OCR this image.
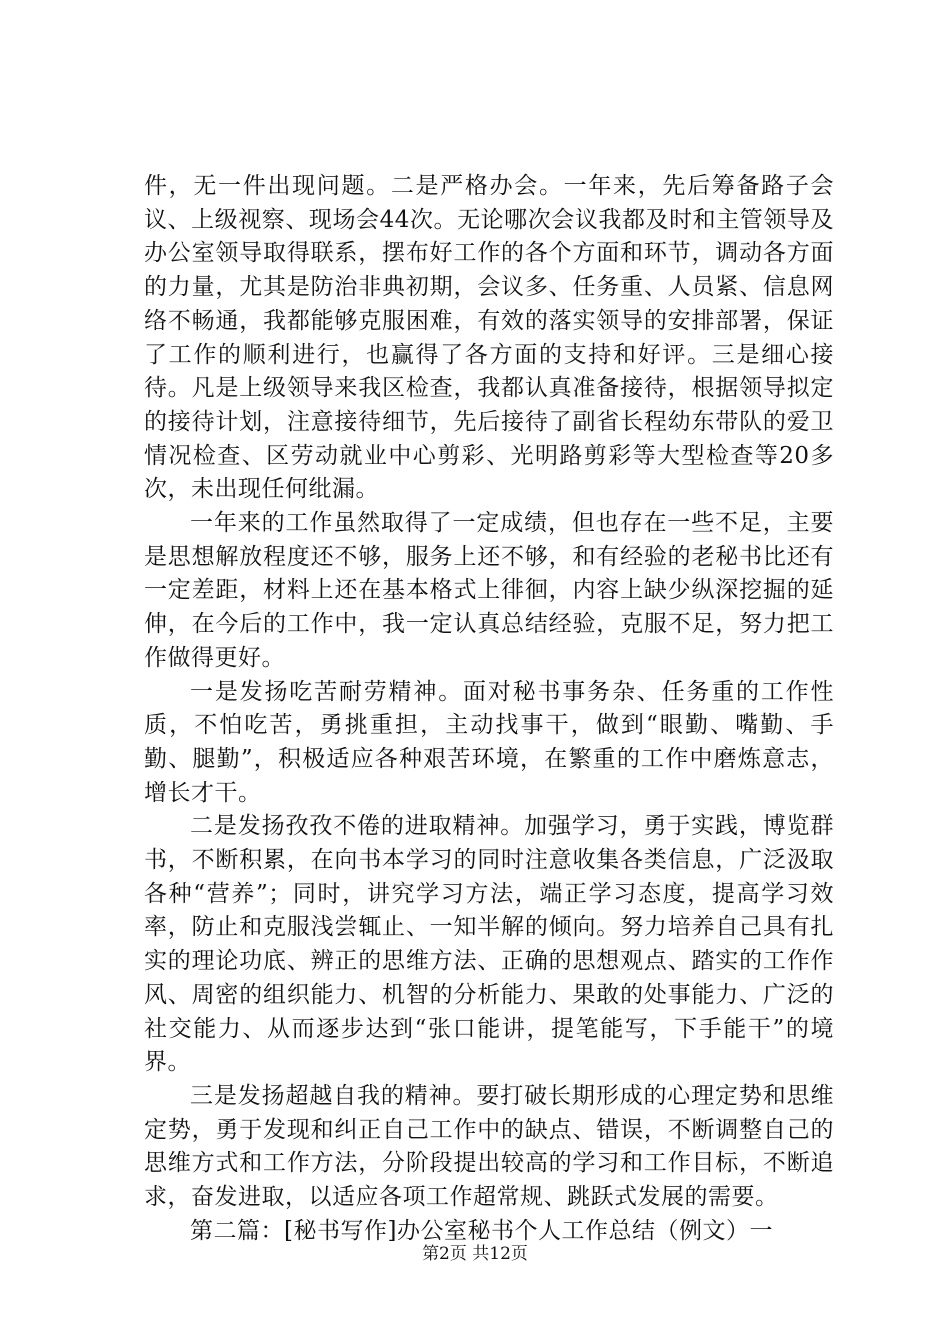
件，无一件出现问题。二是严格办会。一年来，先后筹备路子会议、上级视察、现场会44次。无论哪次会议我都及时和主管领导及办公室领导取得联系，摆布好工作的各个方面和环节，调动各方面的力量，尤其是防治非典初期，会议多、任务重、人员紧、信息网络不畅通，我都能够克服困难，有效的落实领导的安排部署，保证了工作的顺利进行，也赢得了各方面的支持和好评。三是细心接待。凡是上级领导来我区检查，我都认真准备接待，根据领导拟定的接待计划，注意接待细节，先后接待了副省长程幼东带队的爱卫情况检查、区劳动就业中心剪彩、光明路剪彩等大型检查等20多次，未出现任何纰漏。

一年来的工作虽然取得了一定成绩，但也存在一些不足，主要是思想解放程度还不够，服务上还不够，和有经验的老秘书比还有一定差距，材料上还在基本格式上徘徊，内容上缺少纵深挖掘的延伸，在今后的工作中，我一定认真总结经验，克服不足，努力把工作做得更好。

一是发扬吃苦耐劳精神。面对秘书事务杂、任务重的工作性质，不怕吃苦，勇挑重担，主动找事干，做到“眼勤、嘴勤、手勤、腿勤”，积极适应各种艰苦环境，在繁重的工作中磨炼意志，增长才干。

二是发扬孜孜不倦的进取精神。加强学习，勇于实践，博览群书，不断积累，在向书本学习的同时注意收集各类信息，广泛汲取各种“营养”；同时，讲究学习方法，端正学习态度，提高学习效率，防止和克服浅尝辄止、一知半解的倾向。努力培养自己具有扎实的理论功底、辨正的思维方法、正确的思想观点、踏实的工作作风、周密的组织能力、机智的分析能力、果敢的处事能力、广泛的社交能力、从而逐步达到“张口能讲，提笔能写，下手能干”的境界。

三是发扬超越自我的精神。要打破长期形成的心理定势和思维定势，勇于发现和纠正自己工作中的缺点、错误，不断调整自己的思维方式和工作方法，分阶段提出较高的学习和工作目标，不断追求，奋发进取，以适应各项工作超常规、跳跃式发展的需要。

第二篇：[秘书写作]办公室秘书个人工作总结（例文）一

第2页 共12页
